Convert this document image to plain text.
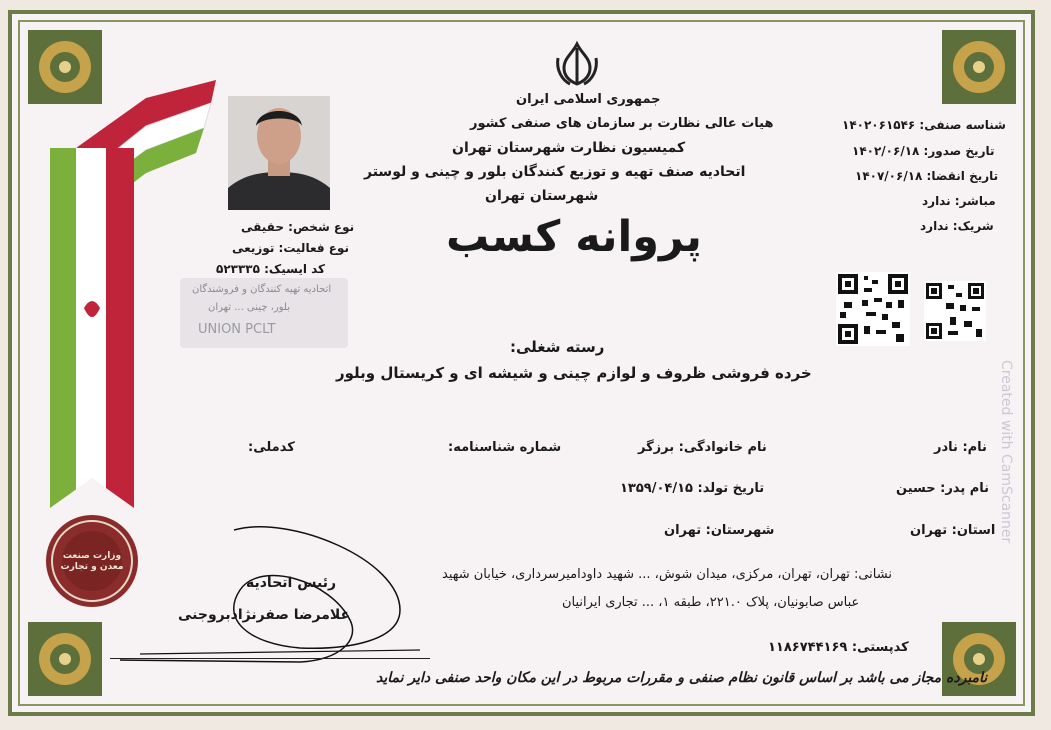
جمهوری اسلامی ایران
هیات عالی نظارت بر سازمان های صنفی کشور
کمیسیون نظارت شهرستان تهران
اتحادیه صنف تهیه و توزیع کنندگان بلور و چینی و لوستر
شهرستان تهران
پروانه کسب
شناسه صنفی: ۱۴۰۲۰۶۱۵۴۶
تاریخ صدور: ۱۴۰۲/۰۶/۱۸
تاریخ انقضا: ۱۴۰۷/۰۶/۱۸
مباشر: ندارد
شریک: ندارد
نوع شخص: حقیقی
نوع فعالیت: توزیعی
کد ایسیک: ۵۲۳۳۳۵
اتحادیه تهیه کنندگان و فروشندگان
بلور، چینی ... تهران
UNION PCLT
رسته شغلی:
خرده فروشی ظروف و لوازم چینی و شیشه ای و کریستال وبلور
نام: نادر
نام خانوادگی: برزگر
شماره شناسنامه:
کدملی:
نام پدر: حسین
تاریخ تولد: ۱۳۵۹/۰۴/۱۵
استان: تهران
شهرستان: تهران
نشانی: تهران، تهران، مرکزی، میدان شوش، ... شهید داودامیرسرداری، خیابان شهید
عباس صابونیان، پلاک ۲۲۱.۰، طبقه ۱، ... تجاری ایرانیان
کدپستی: ۱۱۸۶۷۴۴۱۶۹
رئیس اتحادیه
غلامرضا صفرنژادبروجنی
وزارت صنعت معدن و تجارت
نامبرده مجاز می باشد بر اساس قانون نظام صنفی و مقررات مربوط در این مکان واحد صنفی دایر نماید
Created with CamScanner
